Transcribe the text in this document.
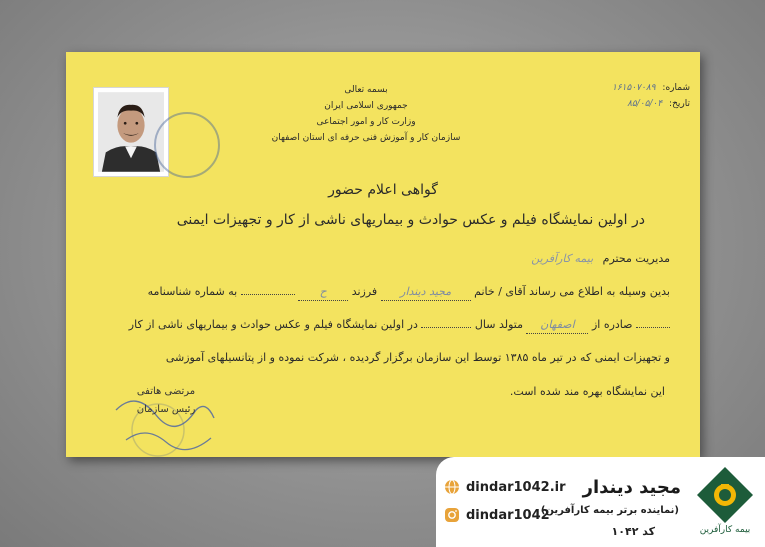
بسمه تعالی
جمهوری اسلامی ایران
وزارت کار و امور اجتماعی
سازمان کار و آموزش فنی حرفه ای استان اصفهان
شماره: ۱۶۱۵۰۷۰۸۹
تاریخ: ۸۵/۰۵/۰۴
گواهی اعلام حضور
در اولین نمایشگاه فیلم و عکس حوادث و بیماریهای ناشی از کار و تجهیزات ایمنی
مدیریت محترم بیمه کارآفرین
بدین وسیله به اطلاع می رساند آقای / خانم مجید دیندار فرزند ح  به شماره شناسنامه
صادره از اصفهان متولد سال  در اولین نمایشگاه فیلم و عکس حوادث و بیماریهای ناشی از کار
و تجهیزات ایمنی که در تیر ماه ۱۳۸۵ توسط این سازمان برگزار گردیده ، شرکت نموده و از پتانسیلهای آموزشی
این نمایشگاه بهره مند شده است.
مرتضی هاتفی
رئیس سازمان
بیمه کارآفرین
مجید دیندار
(نماینده برتر بیمه کارآفرین)
کد ۱۰۴۲
dindar1042.ir
dindar1042
